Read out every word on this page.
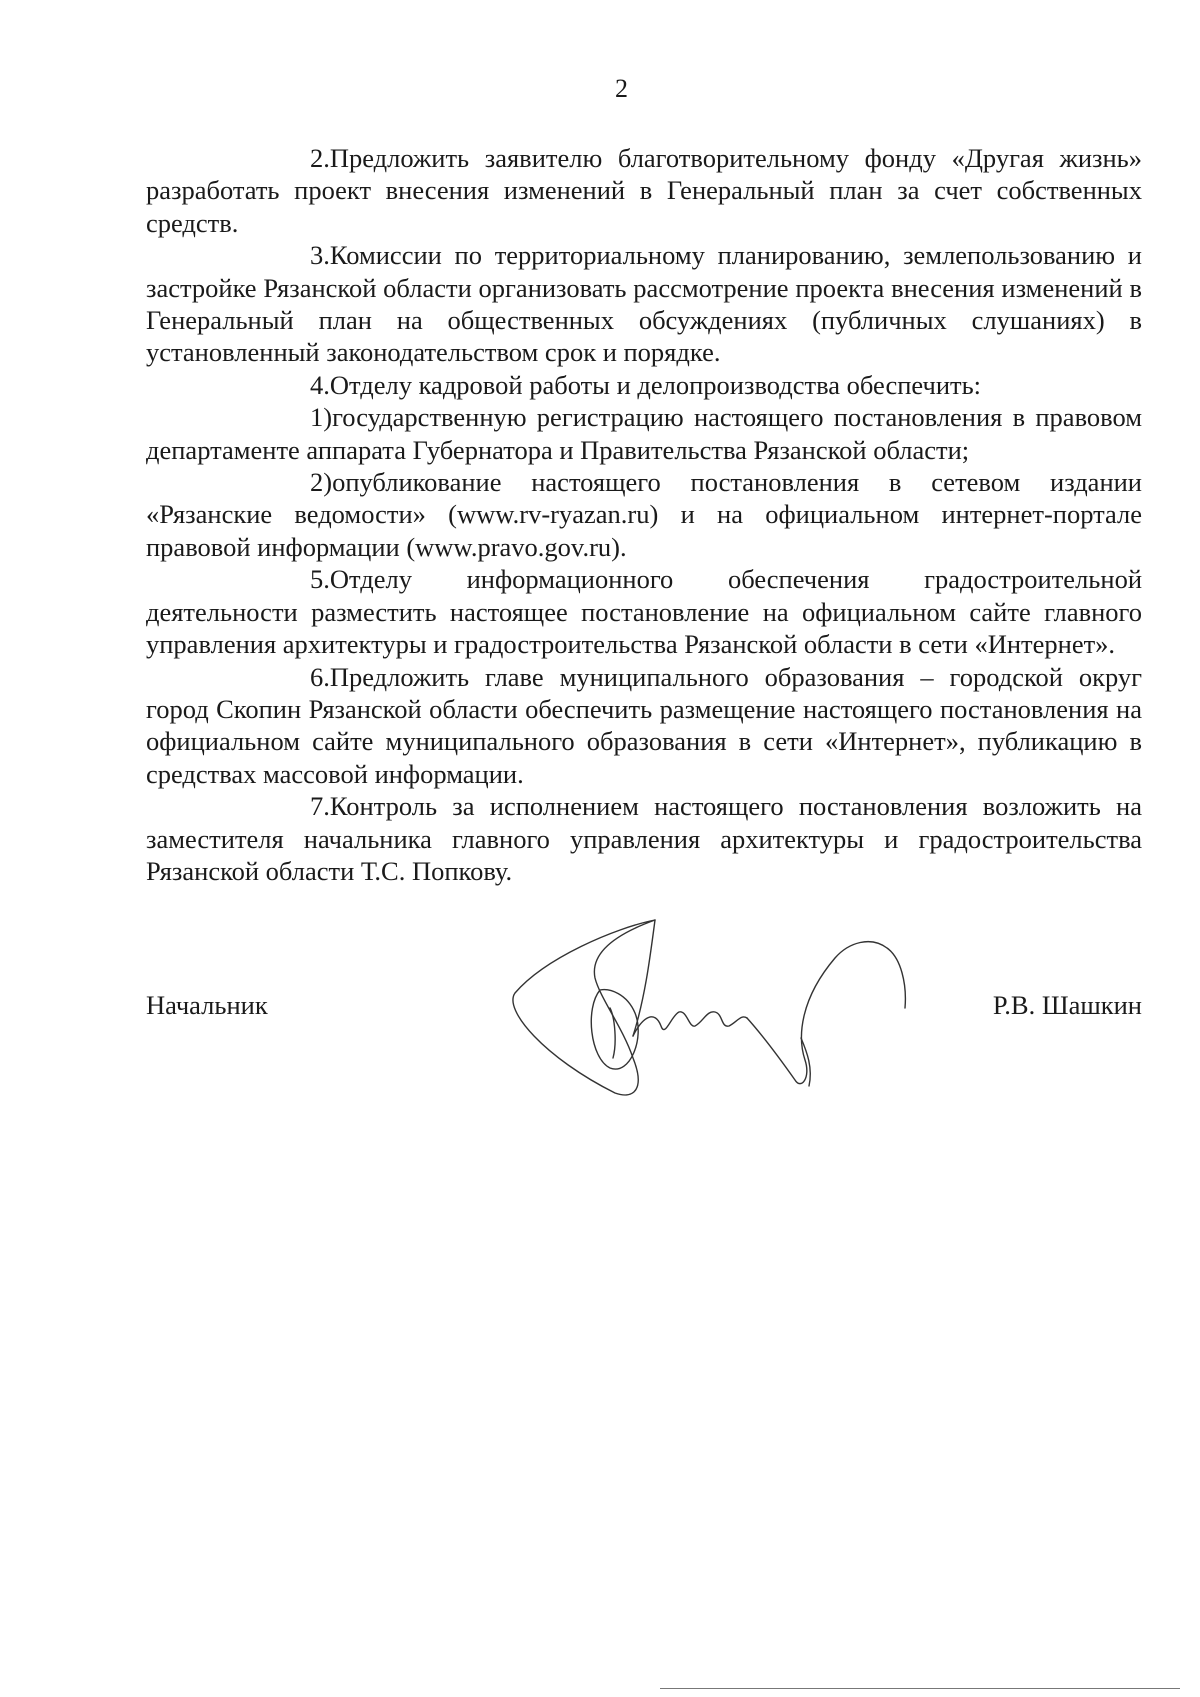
2

2.Предложить заявителю благотворительному фонду «Другая жизнь» разработать проект внесения изменений в Генеральный план за счет собственных средств.

3.Комиссии по территориальному планированию, землепользованию и застройке Рязанской области организовать рассмотрение проекта внесения изменений в Генеральный план на общественных обсуждениях (публичных слушаниях) в установленный законодательством срок и порядке.

4.Отделу кадровой работы и делопроизводства обеспечить:

1)государственную регистрацию настоящего постановления в правовом департаменте аппарата Губернатора и Правительства Рязанской области;

2)опубликование настоящего постановления в сетевом издании «Рязанские ведомости» (www.rv-ryazan.ru) и на официальном интернет-портале правовой информации (www.pravo.gov.ru).

5.Отделу информационного обеспечения градостроительной деятельности разместить настоящее постановление на официальном сайте главного управления архитектуры и градостроительства Рязанской области в сети «Интернет».

6.Предложить главе муниципального образования – городской округ город Скопин Рязанской области обеспечить размещение настоящего постановления на официальном сайте муниципального образования в сети «Интернет», публикацию в средствах массовой информации.

7.Контроль за исполнением настоящего постановления возложить на заместителя начальника главного управления архитектуры и градостроительства Рязанской области Т.С. Попкову.

Начальник	Р.В. Шашкин
